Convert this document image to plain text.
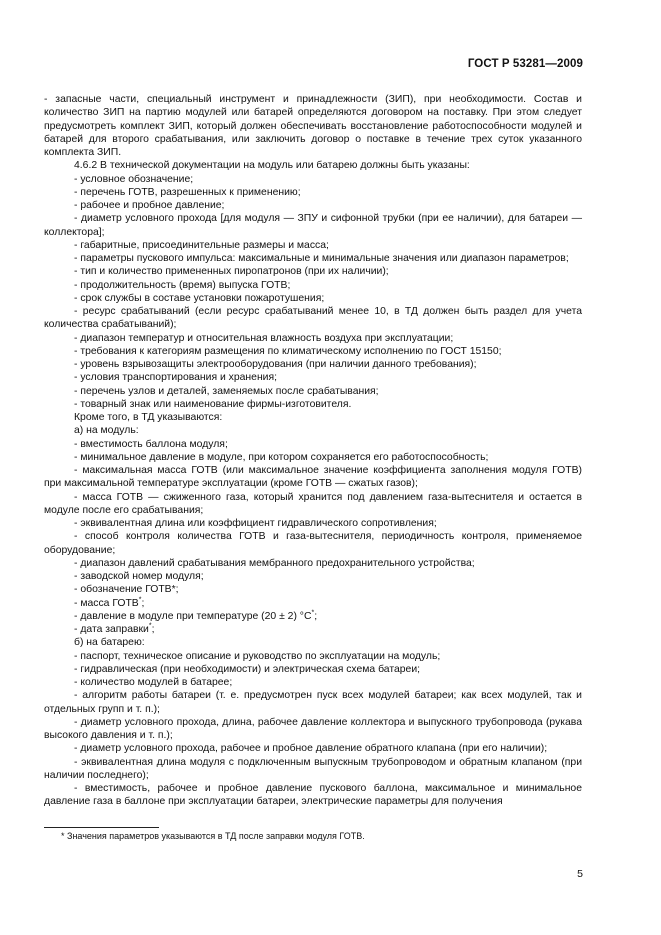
ГОСТ Р 53281—2009

- запасные части, специальный инструмент и принадлежности (ЗИП), при необходимости. Состав и количество ЗИП на партию модулей или батарей определяются договором на поставку. При этом следует предусмотреть комплект ЗИП, который должен обеспечивать восстановление работоспособности модулей и батарей для второго срабатывания, или заключить договор о поставке в течение трех суток указанного комплекта ЗИП.

4.6.2 В технической документации на модуль или батарею должны быть указаны:

- условное обозначение;

- перечень ГОТВ, разрешенных к применению;

- рабочее и пробное давление;

- диаметр условного прохода [для модуля — ЗПУ и сифонной трубки (при ее наличии), для батареи — коллектора];

- габаритные, присоединительные размеры и масса;

- параметры пускового импульса: максимальные и минимальные значения или диапазон параметров;

- тип и количество примененных пиропатронов (при их наличии);

- продолжительность (время) выпуска ГОТВ;

- срок службы в составе установки пожаротушения;

- ресурс срабатываний (если ресурс срабатываний менее 10, в ТД должен быть раздел для учета количества срабатываний);

- диапазон температур и относительная влажность воздуха при эксплуатации;

- требования к категориям размещения по климатическому исполнению по ГОСТ 15150;

- уровень взрывозащиты электрооборудования (при наличии данного требования);

- условия транспортирования и хранения;

- перечень узлов и деталей, заменяемых после срабатывания;

- товарный знак или наименование фирмы-изготовителя.

Кроме того, в ТД указываются:

а) на модуль:

- вместимость баллона модуля;

- минимальное давление в модуле, при котором сохраняется его работоспособность;

- максимальная масса ГОТВ (или максимальное значение коэффициента заполнения модуля ГОТВ) при максимальной температуре эксплуатации (кроме ГОТВ — сжатых газов);

- масса ГОТВ — сжиженного газа, который хранится под давлением газа-вытеснителя и остается в модуле после его срабатывания;

- эквивалентная длина или коэффициент гидравлического сопротивления;

- способ контроля количества ГОТВ и газа-вытеснителя, периодичность контроля, применяемое оборудование;

- диапазон давлений срабатывания мембранного предохранительного устройства;

- заводской номер модуля;

- обозначение ГОТВ*;

- масса ГОТВ*;

- давление в модуле при температуре (20 ± 2) °С*;

- дата заправки*;

б) на батарею:

- паспорт, техническое описание и руководство по эксплуатации на модуль;

- гидравлическая (при необходимости) и электрическая схема батареи;

- количество модулей в батарее;

- алгоритм работы батареи (т. е. предусмотрен пуск всех модулей батареи; как всех модулей, так и отдельных групп и т. п.);

- диаметр условного прохода, длина, рабочее давление коллектора и выпускного трубопровода (рукава высокого давления и т. п.);

- диаметр условного прохода, рабочее и пробное давление обратного клапана (при его наличии);

- эквивалентная длина модуля с подключенным выпускным трубопроводом и обратным клапаном (при наличии последнего);

- вместимость, рабочее и пробное давление пускового баллона, максимальное и минимальное давление газа в баллоне при эксплуатации батареи, электрические параметры для получения

* Значения параметров указываются в ТД после заправки модуля ГОТВ.
5
